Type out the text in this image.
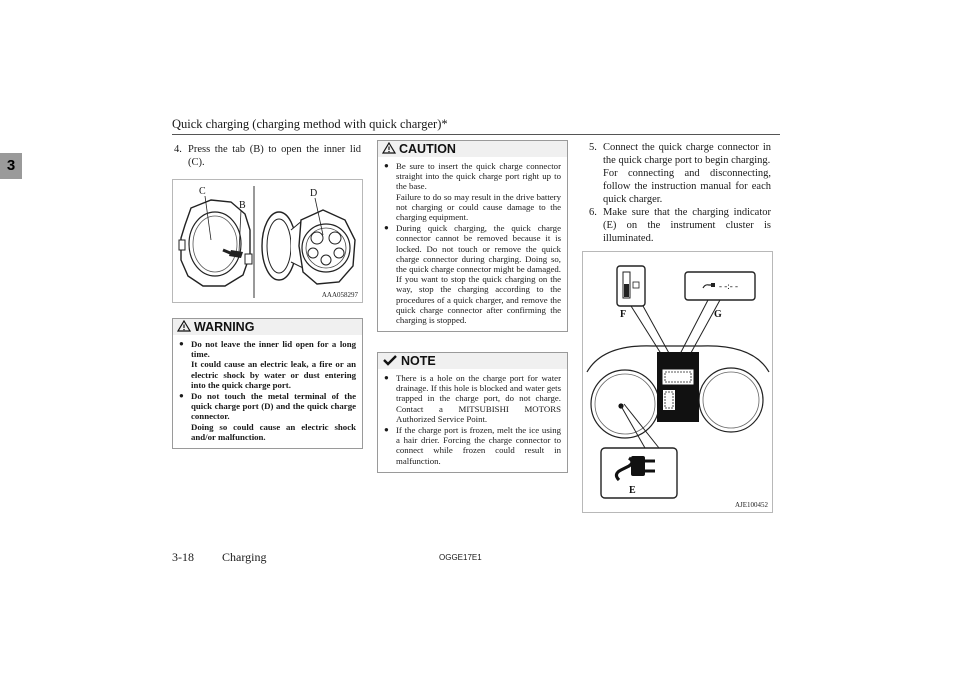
Quick charging (charging method with quick charger)*
3
4. Press the tab (B) to open the inner lid (C).
C
B
D
AAA058297
WARNING
● Do not leave the inner lid open for a long time.
It could cause an electric leak, a fire or an electric shock by water or dust entering into the quick charge port.
● Do not touch the metal terminal of the quick charge port (D) and the quick charge connector.
Doing so could cause an electric shock and/or malfunction.
CAUTION
● Be sure to insert the quick charge connector straight into the quick charge port right up to the base.
Failure to do so may result in the drive battery not charging or could cause damage to the charging equipment.
● During quick charging, the quick charge connector cannot be removed because it is locked. Do not touch or remove the quick charge connector during charging. Doing so, the quick charge connector might be damaged. If you want to stop the quick charging on the way, stop the charging according to the procedures of a quick charger, and remove the quick charge connector after confirming the charging is stopped.
NOTE
● There is a hole on the charge port for water drainage. If this hole is blocked and water gets trapped in the charge port, do not charge. Contact a MITSUBISHI MOTORS Authorized Service Point.
● If the charge port is frozen, melt the ice using a hair drier. Forcing the charge connector to connect while frozen could result in malfunction.
5. Connect the quick charge connector in the quick charge port to begin charging.
For connecting and disconnecting, follow the instruction manual for each quick charger.
6. Make sure that the charging indicator (E) on the instrument cluster is illuminated.
F
- -:- -
G
E
AJE100452
3-18 Charging	OGGE17E1
